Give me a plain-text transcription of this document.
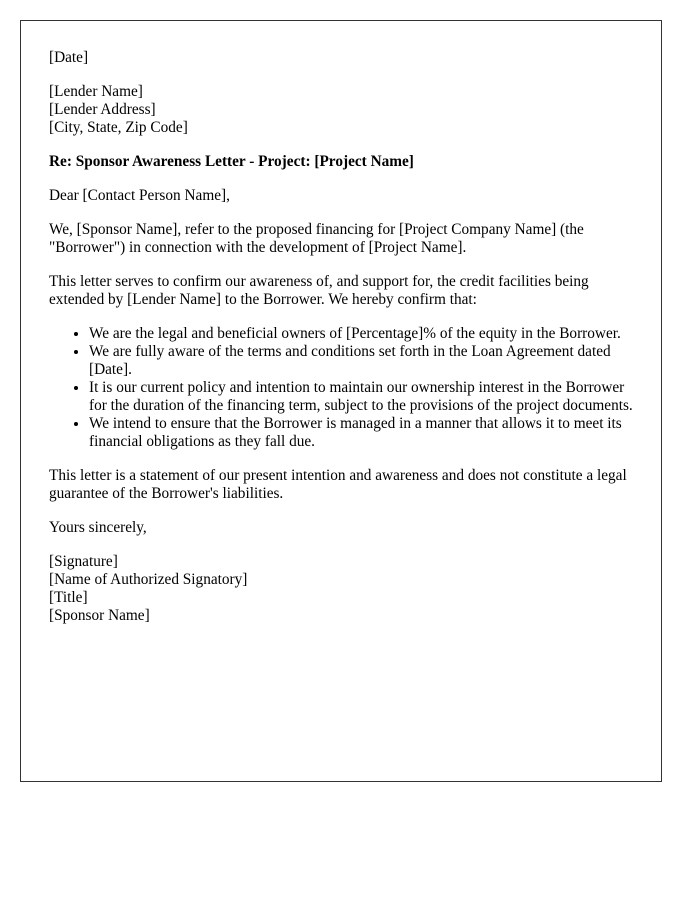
[Date]

[Lender Name]
[Lender Address]
[City, State, Zip Code]

Re: Sponsor Awareness Letter - Project: [Project Name]

Dear [Contact Person Name],

We, [Sponsor Name], refer to the proposed financing for [Project Company Name] (the "Borrower") in connection with the development of [Project Name].

This letter serves to confirm our awareness of, and support for, the credit facilities being extended by [Lender Name] to the Borrower. We hereby confirm that:

• We are the legal and beneficial owners of [Percentage]% of the equity in the Borrower.
• We are fully aware of the terms and conditions set forth in the Loan Agreement dated [Date].
• It is our current policy and intention to maintain our ownership interest in the Borrower for the duration of the financing term, subject to the provisions of the project documents.
• We intend to ensure that the Borrower is managed in a manner that allows it to meet its financial obligations as they fall due.

This letter is a statement of our present intention and awareness and does not constitute a legal guarantee of the Borrower's liabilities.

Yours sincerely,

[Signature]
[Name of Authorized Signatory]
[Title]
[Sponsor Name]
